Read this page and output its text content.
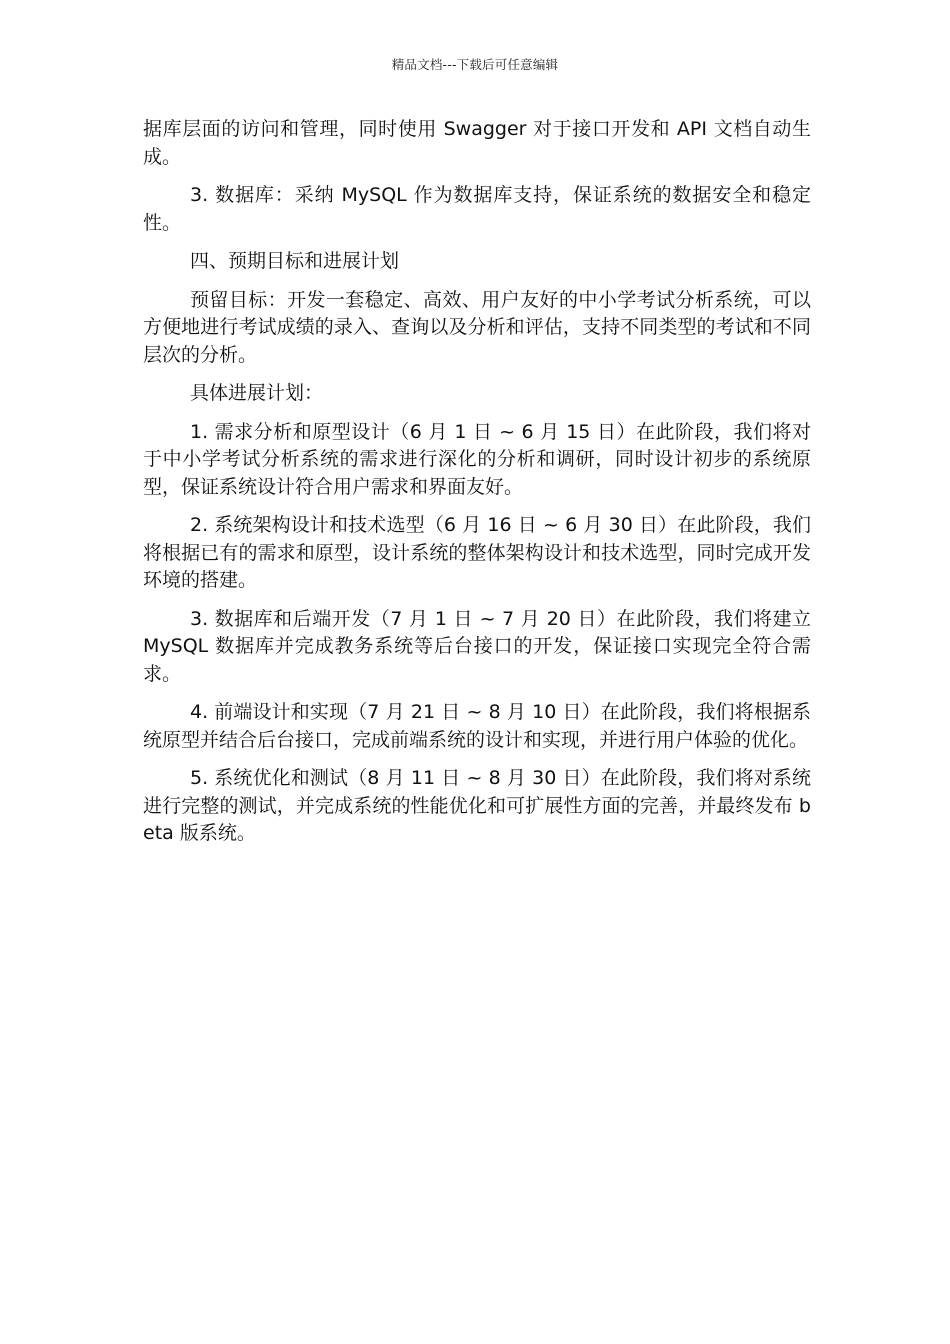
精品文档---下载后可任意编辑

据库层面的访问和管理，同时使用 Swagger 对于接口开发和 API 文档自动生成。

3. 数据库：采纳 MySQL 作为数据库支持，保证系统的数据安全和稳定性。

四、预期目标和进展计划

预留目标：开发一套稳定、高效、用户友好的中小学考试分析系统，可以方便地进行考试成绩的录入、查询以及分析和评估，支持不同类型的考试和不同层次的分析。

具体进展计划：

1. 需求分析和原型设计（6 月 1 日 ~ 6 月 15 日）在此阶段，我们将对于中小学考试分析系统的需求进行深化的分析和调研，同时设计初步的系统原型，保证系统设计符合用户需求和界面友好。

2. 系统架构设计和技术选型（6 月 16 日 ~ 6 月 30 日）在此阶段，我们将根据已有的需求和原型，设计系统的整体架构设计和技术选型，同时完成开发环境的搭建。

3. 数据库和后端开发（7 月 1 日 ~ 7 月 20 日）在此阶段，我们将建立 MySQL 数据库并完成教务系统等后台接口的开发，保证接口实现完全符合需求。

4. 前端设计和实现（7 月 21 日 ~ 8 月 10 日）在此阶段，我们将根据系统原型并结合后台接口，完成前端系统的设计和实现，并进行用户体验的优化。

5. 系统优化和测试（8 月 11 日 ~ 8 月 30 日）在此阶段，我们将对系统进行完整的测试，并完成系统的性能优化和可扩展性方面的完善，并最终发布 beta 版系统。
